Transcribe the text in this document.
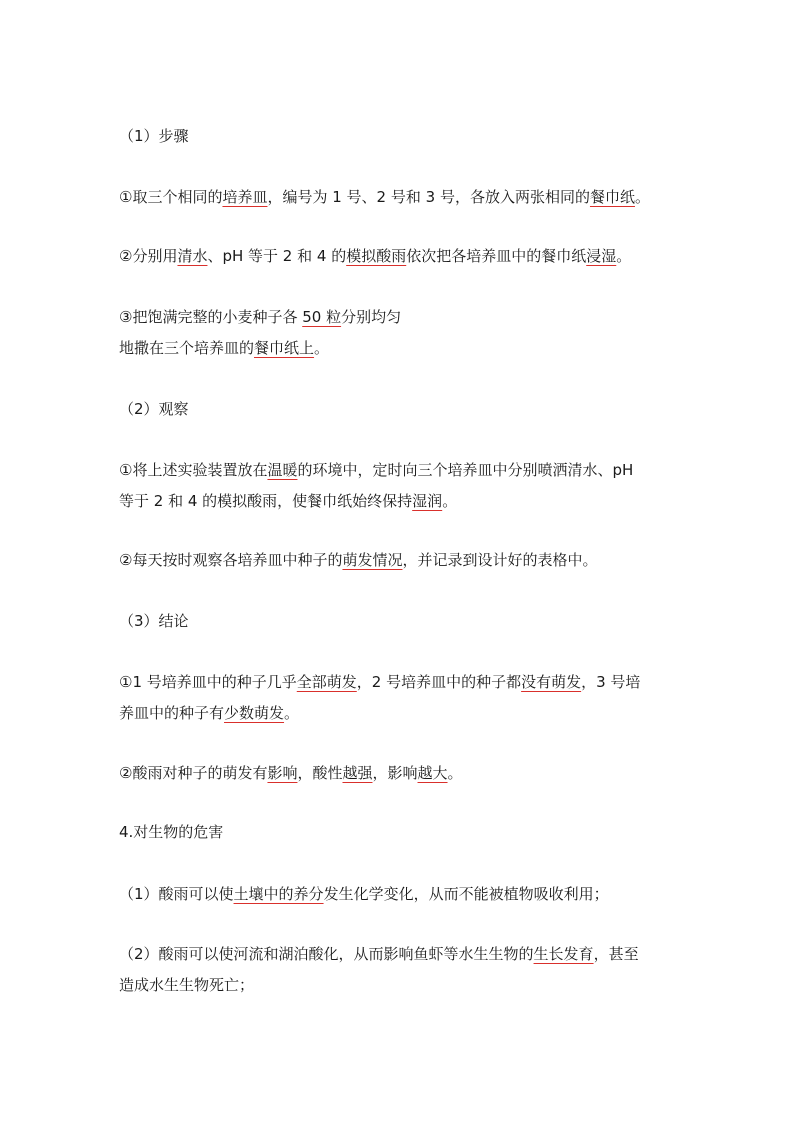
（1）步骤
①取三个相同的培养皿，编号为 1 号、2 号和 3 号，各放入两张相同的餐巾纸。
②分别用清水、pH 等于 2 和 4 的模拟酸雨依次把各培养皿中的餐巾纸浸湿。
③把饱满完整的小麦种子各 50 粒分别均匀
地撒在三个培养皿的餐巾纸上。
（2）观察
①将上述实验装置放在温暖的环境中，定时向三个培养皿中分别喷洒清水、pH
等于 2 和 4 的模拟酸雨，使餐巾纸始终保持湿润。
②每天按时观察各培养皿中种子的萌发情况，并记录到设计好的表格中。
（3）结论
①1 号培养皿中的种子几乎全部萌发，2 号培养皿中的种子都没有萌发，3 号培
养皿中的种子有少数萌发。
②酸雨对种子的萌发有影响，酸性越强，影响越大。
4.对生物的危害
（1）酸雨可以使土壤中的养分发生化学变化，从而不能被植物吸收利用；
（2）酸雨可以使河流和湖泊酸化，从而影响鱼虾等水生生物的生长发育，甚至
造成水生生物死亡；
